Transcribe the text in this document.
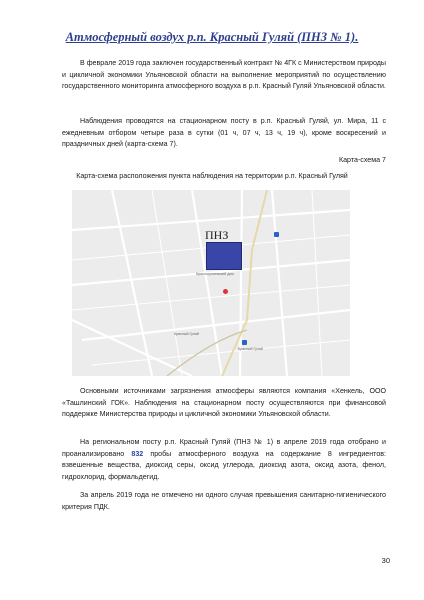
Атмосферный воздух р.п. Красный Гуляй (ПНЗ № 1).
В феврале 2019 года заключен государственный контракт № 4ГК с Министерством природы и цикличной экономики Ульяновской области на выполнение мероприятий по осуществлению государственного мониторинга атмосферного воздуха в р.п. Красный Гуляй Ульяновской области.
Наблюдения проводятся на стационарном посту в р.п. Красный Гуляй, ул. Мира, 11 с ежедневным отбором четыре раза в сутки (01 ч, 07 ч, 13 ч, 19 ч), кроме воскресений и праздничных дней (карта-схема 7).
Карта-схема 7
Карта-схема расположения пункта наблюдения на территории р.п. Красный Гуляй
ПНЗ
Красногуляевский дом
Красный Гуляй
Красный Гуляй
Основными источниками загрязнения атмосферы являются компания «Хенкель, ООО «Ташлинский ГОК». Наблюдения на стационарном посту осуществляются при финансовой поддержке Министерства природы и цикличной экономики Ульяновской области.
На региональном посту р.п. Красный Гуляй (ПНЗ № 1) в апреле 2019 года отобрано и проанализировано 832 пробы атмосферного воздуха на содержание 8 ингредиентов: взвешенные вещества, диоксид серы, оксид углерода, диоксид азота, оксид азота, фенол, гидрохлорид, формальдегид.
За апрель 2019 года не отмечено ни одного случая превышения санитарно-гигиенического критерия ПДК.
30
